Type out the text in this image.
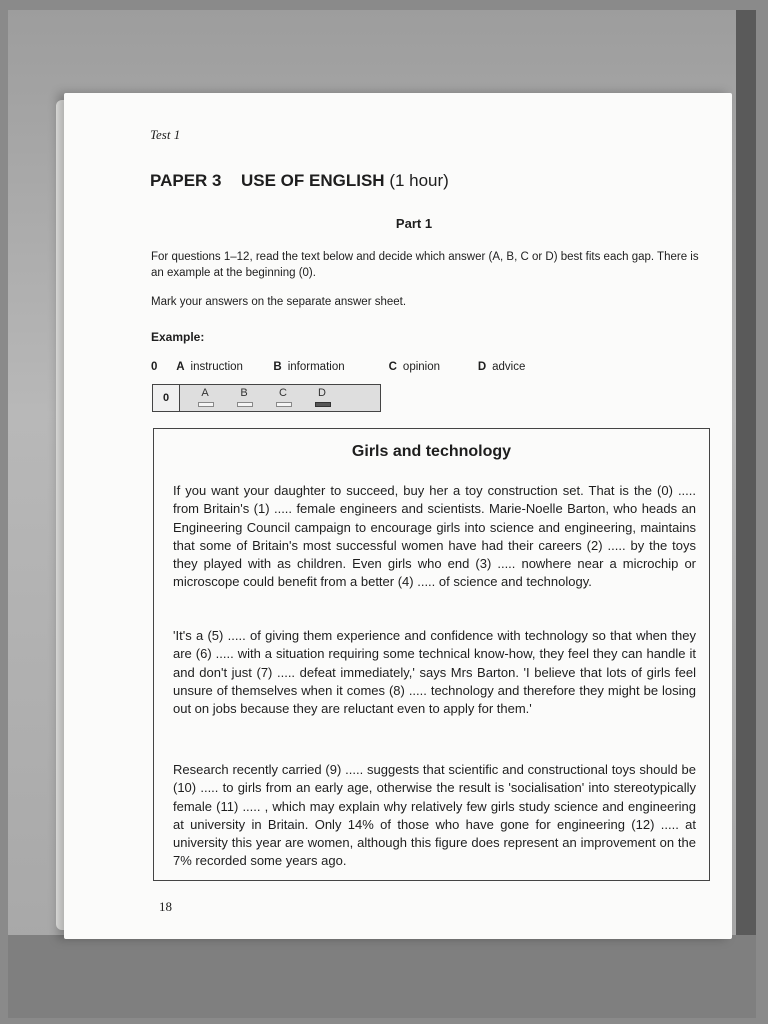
Test 1
PAPER 3 USE OF ENGLISH (1 hour)
Part 1
For questions 1–12, read the text below and decide which answer (A, B, C or D) best fits each gap. There is an example at the beginning (0).
Mark your answers on the separate answer sheet.
Example:
0 A instruction	B information	C opinion	D advice
0	A	B	C	D
Girls and technology
If you want your daughter to succeed, buy her a toy construction set. That is the (0) ..... from Britain's (1) ..... female engineers and scientists. Marie-Noelle Barton, who heads an Engineering Council campaign to encourage girls into science and engineering, maintains that some of Britain's most successful women have had their careers (2) ..... by the toys they played with as children. Even girls who end (3) ..... nowhere near a microchip or microscope could benefit from a better (4) ..... of science and technology.
'It's a (5) ..... of giving them experience and confidence with technology so that when they are (6) ..... with a situation requiring some technical know-how, they feel they can handle it and don't just (7) ..... defeat immediately,' says Mrs Barton. 'I believe that lots of girls feel unsure of themselves when it comes (8) ..... technology and therefore they might be losing out on jobs because they are reluctant even to apply for them.'
Research recently carried (9) ..... suggests that scientific and constructional toys should be (10) ..... to girls from an early age, otherwise the result is 'socialisation' into stereotypically female (11) ..... , which may explain why relatively few girls study science and engineering at university in Britain. Only 14% of those who have gone for engineering (12) ..... at university this year are women, although this figure does represent an improvement on the 7% recorded some years ago.
18
